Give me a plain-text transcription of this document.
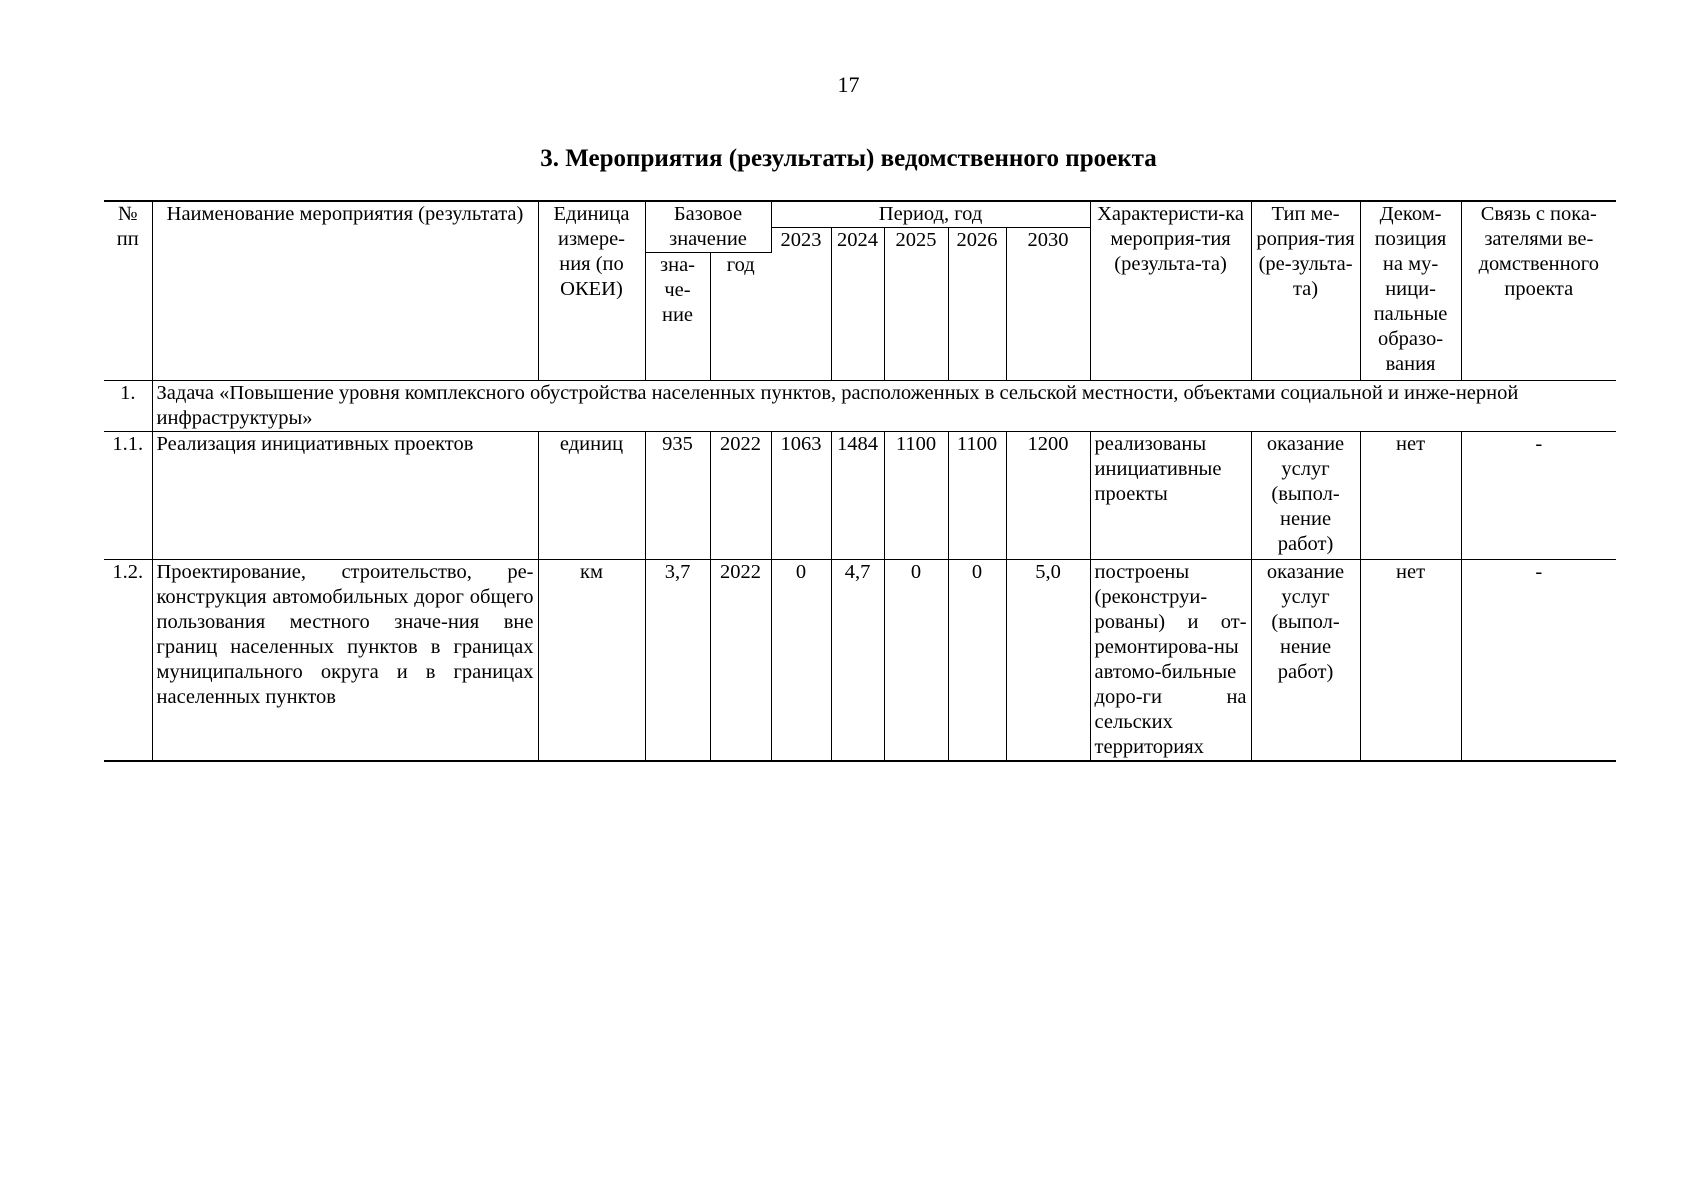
17
3. Мероприятия (результаты) ведомственного проекта
№ пп	Наименование мероприятия (результата)	Единица измере-ния (по ОКЕИ)	Базовое значение		Период, год					Характеристи-ка мероприя-тия (результа-та)	Тип ме-роприя-тия (ре-зульта-та)	Деком-позиция на му-ници-пальные образо-вания	Связь с пока-зателями ве-домственного проекта
					2023	2024	2025	2026	2030				
			зна-че-ние	год									
1.	Задача «Повышение уровня комплексного обустройства населенных пунктов, расположенных в сельской местности, объектами социальной и инже-нерной инфраструктуры»												
1.1.	Реализация инициативных проектов	единиц	935	2022	1063	1484	1100	1100	1200	реализованы инициативные проекты	оказание услуг (выпол-нение работ)	нет	-
1.2.	Проектирование, строительство, ре-конструкция автомобильных дорог общего пользования местного значе-ния вне границ населенных пунктов в границах муниципального округа и в границах населенных пунктов	км	3,7	2022	0	4,7	0	0	5,0	построены (реконструи-рованы) и от-ремонтирова-ны автомо-бильные доро-ги на сельских территориях	оказание услуг (выпол-нение работ)	нет	-
